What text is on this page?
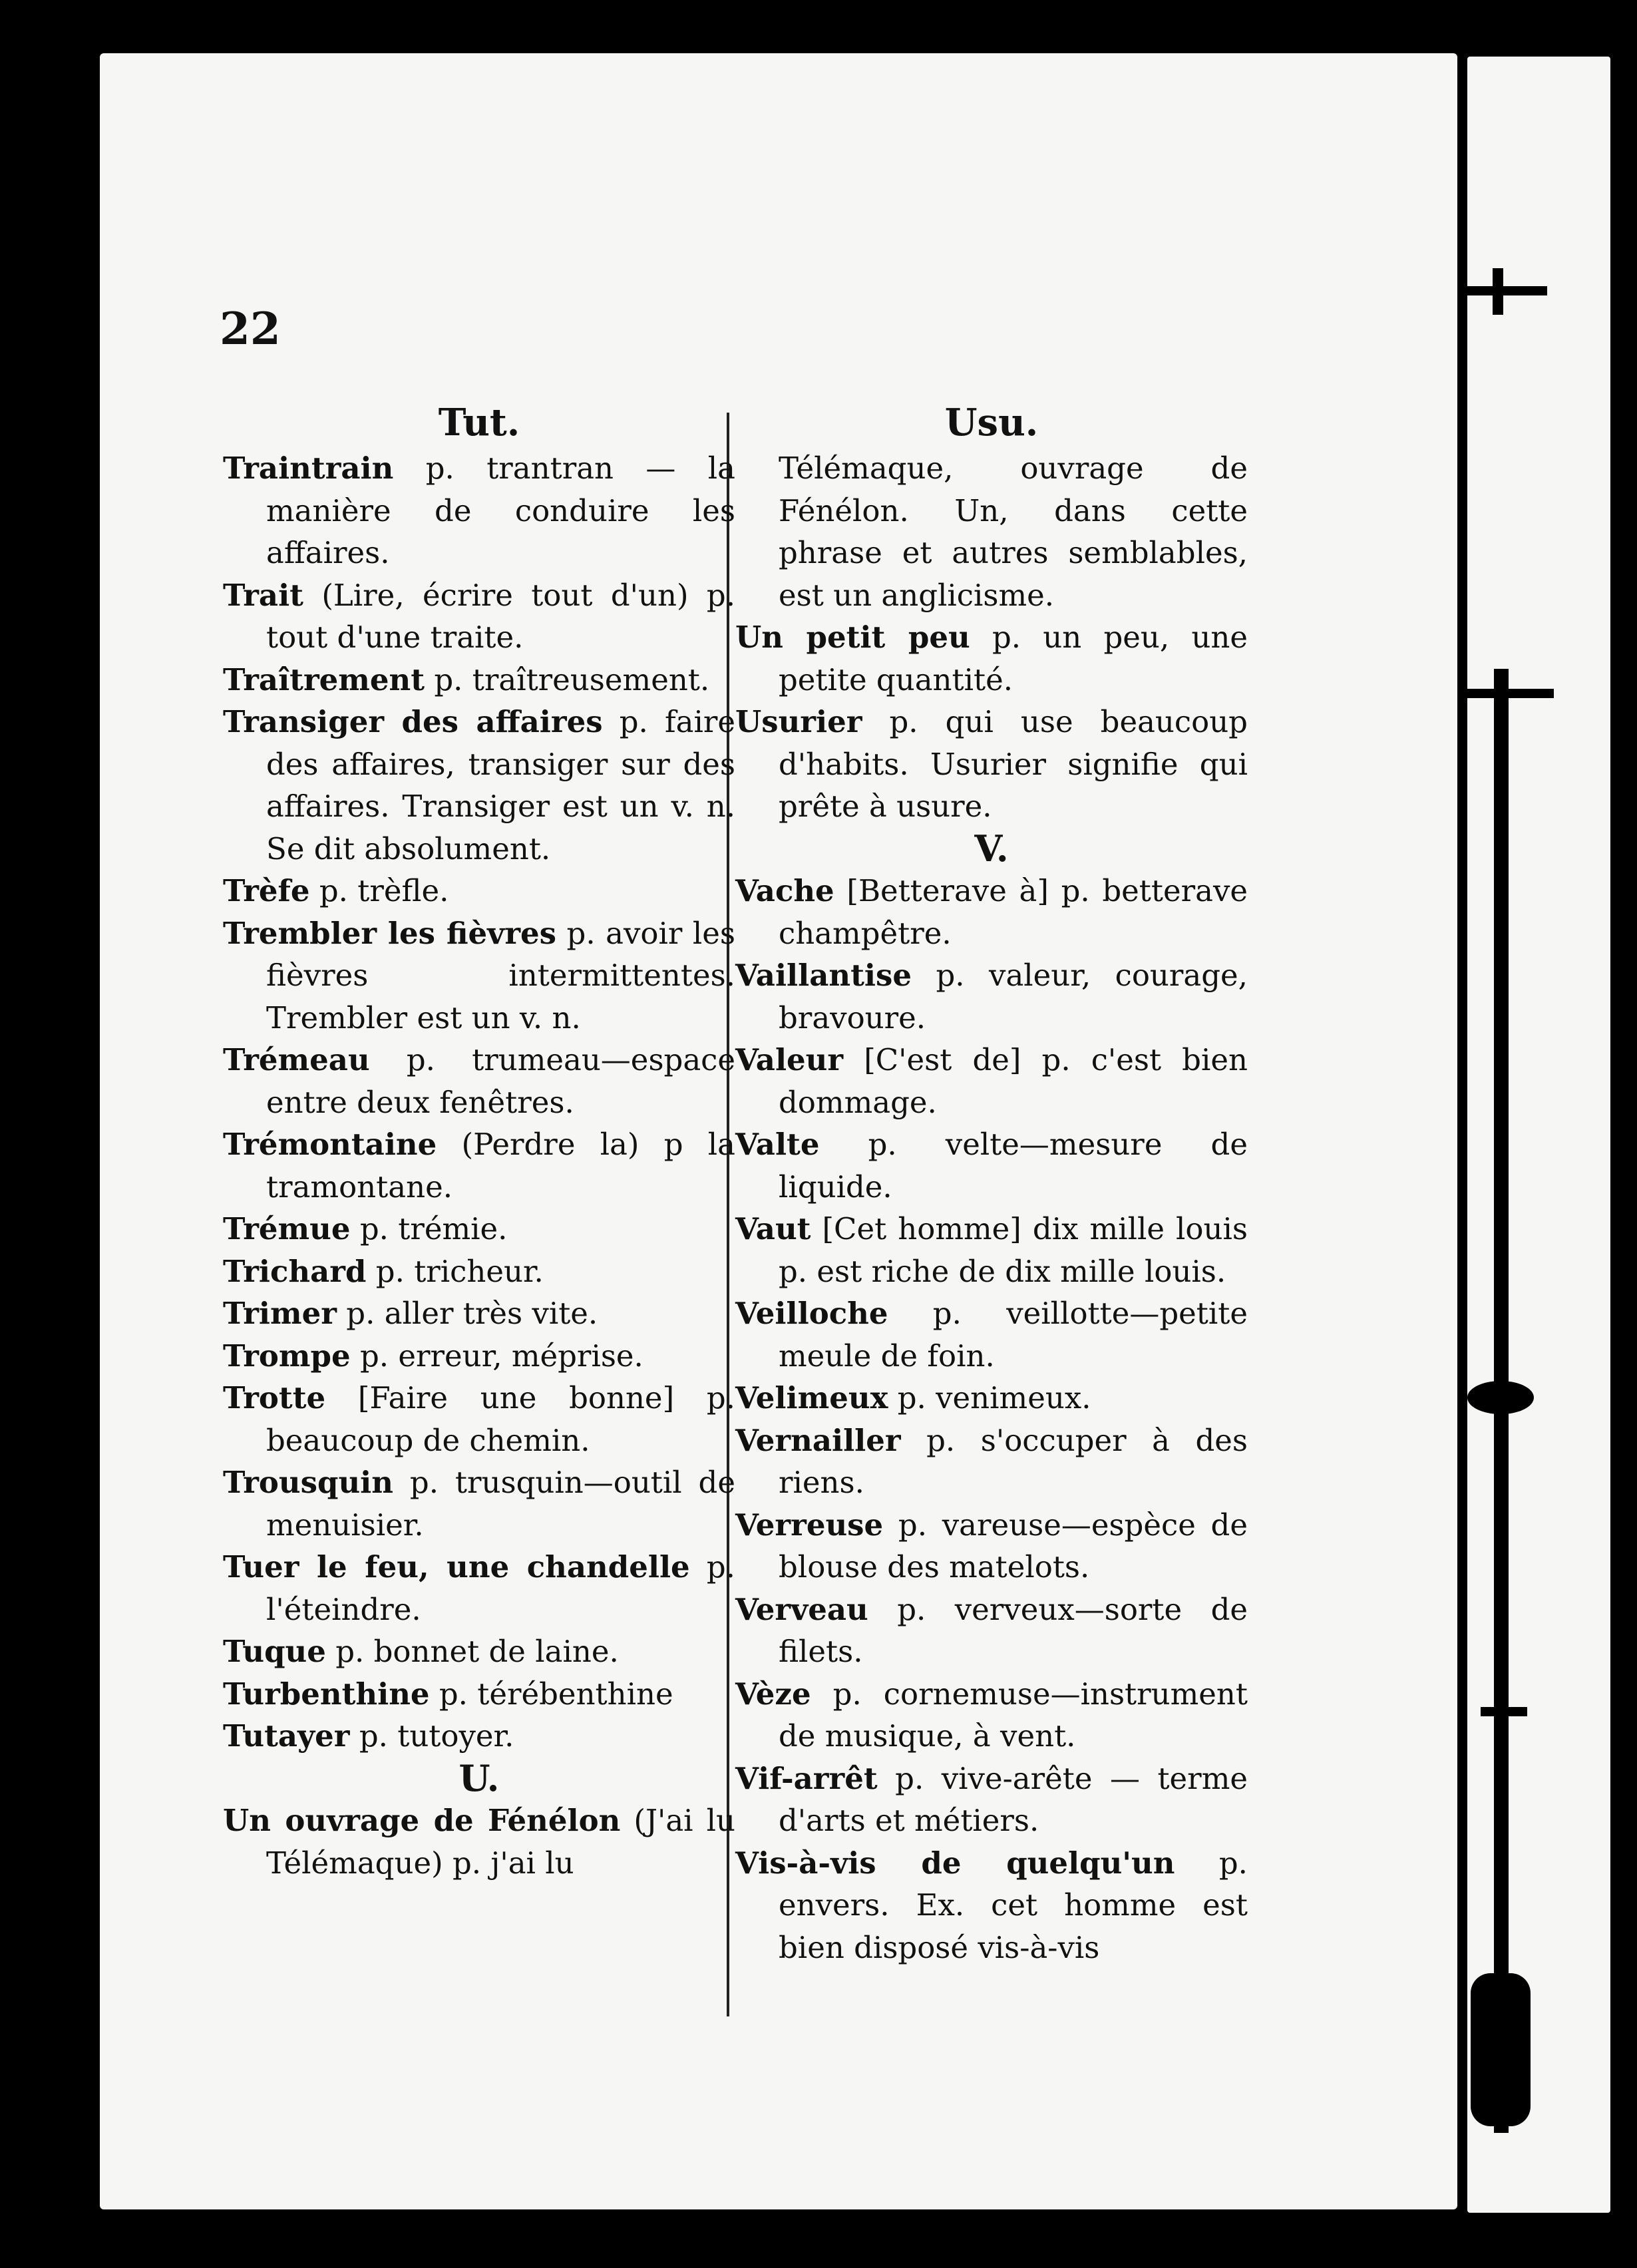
22

Tut.

Traintrain p. trantran — la manière de conduire les affaires.

Trait (Lire, écrire tout d'un) p. tout d'une traite.

Traîtrement p. traîtreusement.

Transiger des affaires p. faire des affaires, transiger sur des affaires. Transiger est un v. n. Se dit absolument.

Trèfe p. trèfle.

Trembler les fièvres p. avoir les fièvres intermittentes. Trembler est un v. n.

Trémeau p. trumeau—espace entre deux fenêtres.

Trémontaine (Perdre la) p la tramontane.

Trémue p. trémie.

Trichard p. tricheur.

Trimer p. aller très vite.

Trompe p. erreur, méprise.

Trotte [Faire une bonne] p. beaucoup de chemin.

Trousquin p. trusquin—outil de menuisier.

Tuer le feu, une chandelle p. l'éteindre.

Tuque p. bonnet de laine.

Turbenthine p. térébenthine

Tutayer p. tutoyer.

U.

Un ouvrage de Fénélon (J'ai lu Télémaque) p. j'ai lu

Usu.

Télémaque, ouvrage de Fénélon. Un, dans cette phrase et autres semblables, est un anglicisme.

Un petit peu p. un peu, une petite quantité.

Usurier p. qui use beaucoup d'habits. Usurier signifie qui prête à usure.

V.

Vache [Betterave à] p. betterave champêtre.

Vaillantise p. valeur, courage, bravoure.

Valeur [C'est de] p. c'est bien dommage.

Valte p. velte—mesure de liquide.

Vaut [Cet homme] dix mille louis p. est riche de dix mille louis.

Veilloche p. veillotte—petite meule de foin.

Velimeux p. venimeux.

Vernailler p. s'occuper à des riens.

Verreuse p. vareuse—espèce de blouse des matelots.

Verveau p. verveux—sorte de filets.

Vèze p. cornemuse—instrument de musique, à vent.

Vif-arrêt p. vive-arête — terme d'arts et métiers.

Vis-à-vis de quelqu'un p. envers. Ex. cet homme est bien disposé vis-à-vis
